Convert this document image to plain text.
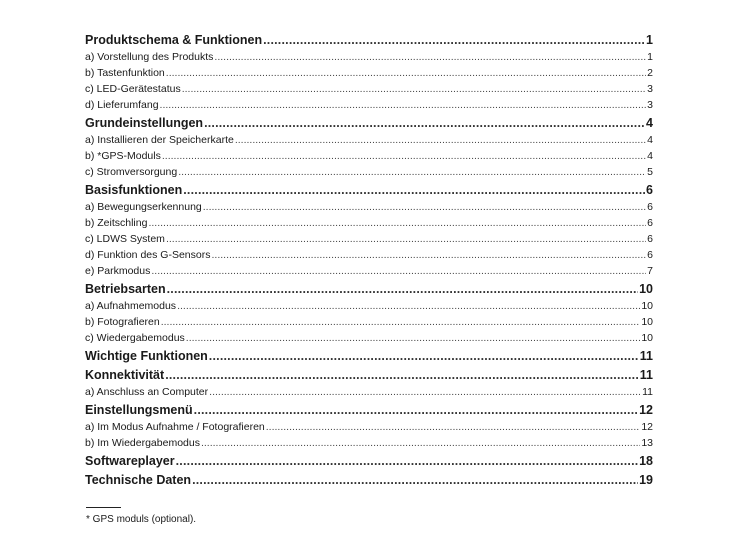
Produktschema & Funktionen .....	1
a) Vorstellung des Produkts .....	1
b) Tastenfunktion .....	2
c) LED-Gerätestatus .....	3
d) Lieferumfang .....	3
Grundeinstellungen .....	4
a) Installieren der Speicherkarte .....	4
b) *GPS-Moduls .....	4
c) Stromversorgung .....	5
Basisfunktionen .....	6
a) Bewegungserkennung .....	6
b) Zeitschling .....	6
c) LDWS System .....	6
d) Funktion des G-Sensors .....	6
e) Parkmodus .....	7
Betriebsarten .....	10
a) Aufnahmemodus .....	10
b) Fotografieren .....	10
c) Wiedergabemodus .....	10
Wichtige Funktionen .....	11
Konnektivität .....	11
a) Anschluss an Computer .....	11
Einstellungsmenü .....	12
a) Im Modus Aufnahme / Fotografieren .....	12
b) Im Wiedergabemodus .....	13
Softwareplayer .....	18
Technische Daten .....	19
* GPS moduls (optional).
